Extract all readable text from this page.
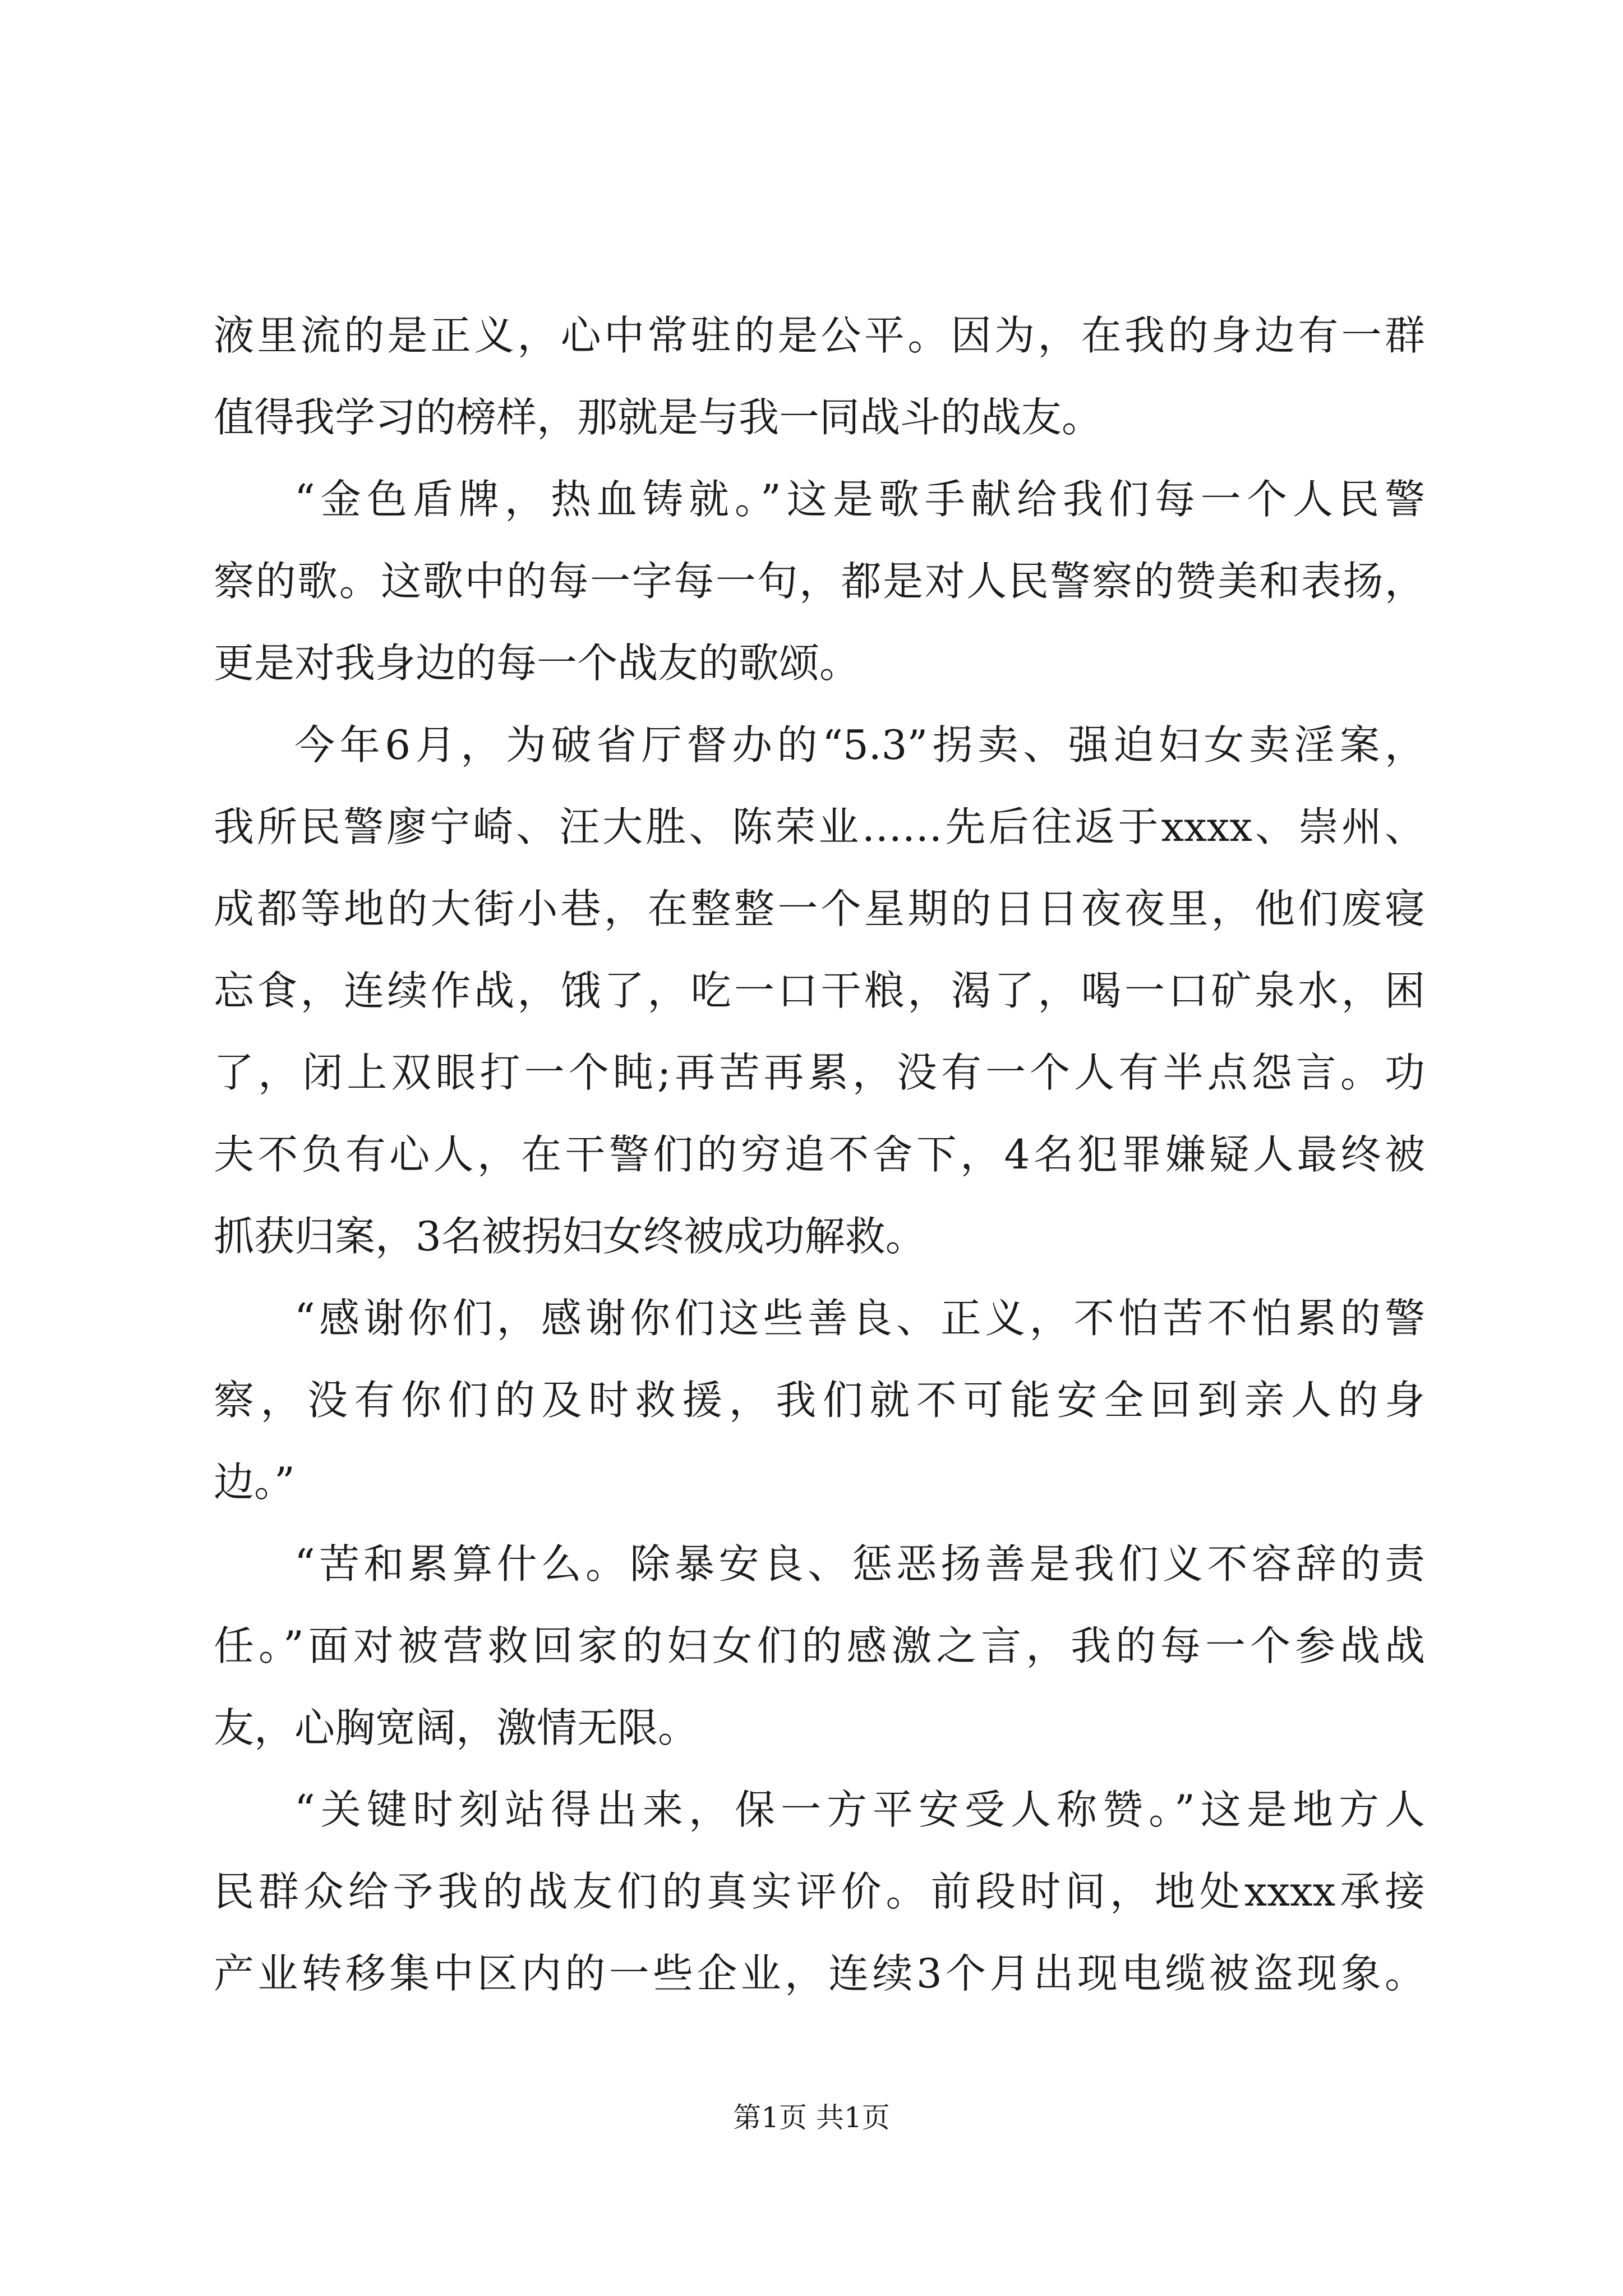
液里流的是正义，心中常驻的是公平。因为，在我的身边有一群
值得我学习的榜样，那就是与我一同战斗的战友。
“金色盾牌，热血铸就。”这是歌手献给我们每一个人民警
察的歌。这歌中的每一字每一句，都是对人民警察的赞美和表扬，
更是对我身边的每一个战友的歌颂。
今年6月，为破省厅督办的“5.3”拐卖、强迫妇女卖淫案，
我所民警廖宁崎、汪大胜、陈荣业……先后往返于xxxx、崇州、
成都等地的大街小巷，在整整一个星期的日日夜夜里，他们废寝
忘食，连续作战，饿了，吃一口干粮，渴了，喝一口矿泉水，困
了，闭上双眼打一个盹;再苦再累，没有一个人有半点怨言。功
夫不负有心人，在干警们的穷追不舍下，4名犯罪嫌疑人最终被
抓获归案，3名被拐妇女终被成功解救。
“感谢你们，感谢你们这些善良、正义，不怕苦不怕累的警
察，没有你们的及时救援，我们就不可能安全回到亲人的身
边。”
“苦和累算什么。除暴安良、惩恶扬善是我们义不容辞的责
任。”面对被营救回家的妇女们的感激之言，我的每一个参战战
友，心胸宽阔，激情无限。
“关键时刻站得出来，保一方平安受人称赞。”这是地方人
民群众给予我的战友们的真实评价。前段时间，地处xxxx承接
产业转移集中区内的一些企业，连续3个月出现电缆被盗现象。
第1页 共1页
